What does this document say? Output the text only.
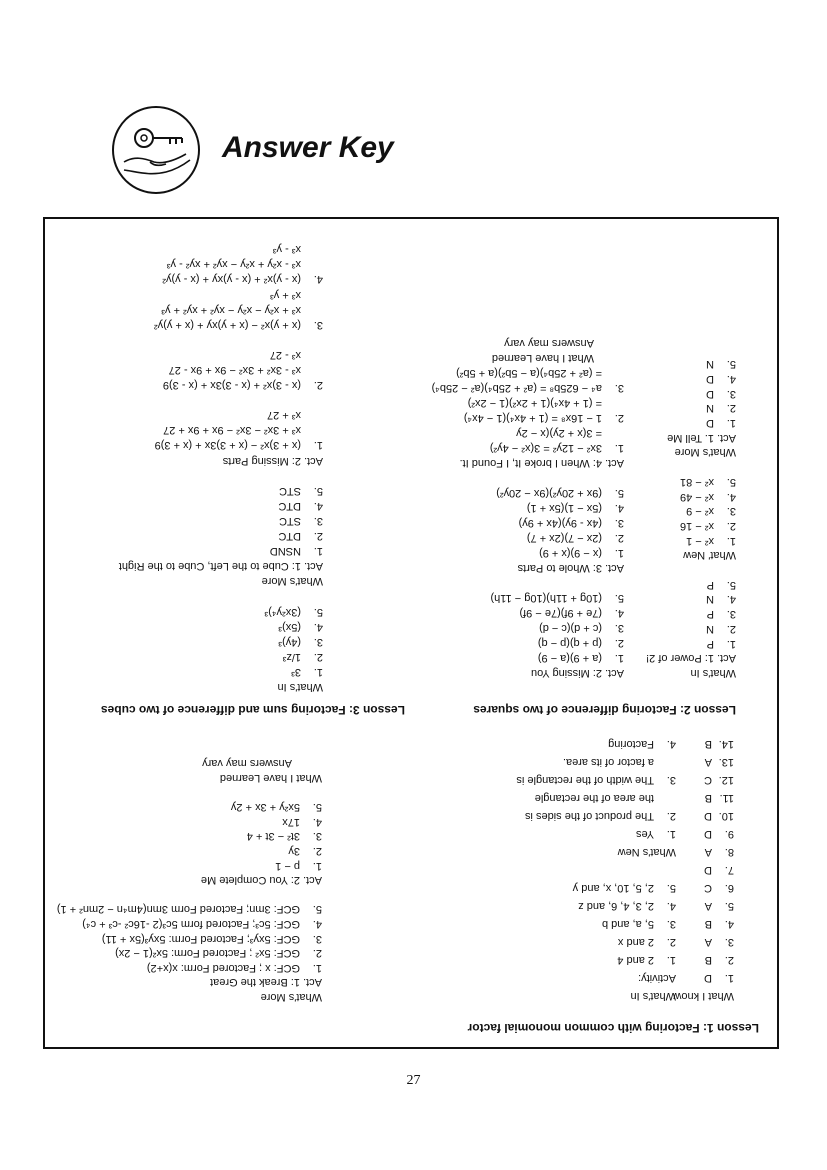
Answer Key
Lesson 1: Factoring with common monomial factor
What I know
1.
D
2.
B
3.
A
4.
B
5.
A
6.
C
7.
D
8.
A
9.
D
10.
D
11.
B
12.
C
13.
A
14.
B
What's In
Activity:
1.
2 and 4
2.
2 and x
3.
5, a, and b
4.
2, 3, 4, 6, and z
5.
2, 5, 10, x, and y

What's New
1.
Yes
2.
The product of the sides is
the area of the rectangle
3.
The width of the rectangle is
a factor of its area.
4.
Factoring
What's More
Act. 1: Break the Great
1.
GCF: x ; Factored Form: x(x+2)
2.
GCF: 5x² ; Factored Form: 5x²(1 − 2x)
3.
GCF: 5xy³; Factored Form: 5xy³(5x + 11)
4.
GCF: 5c³; Factored form 5c³(2 -16c² -c³ + c⁴)
5.
GCF: 3mn; Factored Form 3mn(4m⁴n − 2mn² + 1)

Act. 2: You Complete Me
1.
p − 1
2.
3y
3.
3t² − 3t + 4
4.
17x
5.
5x²y + 3x + 2y

What I have Learned
Answers may vary
Lesson 2: Factoring difference of two squares
What's In
Act. 1: Power of 2!
1.
P
2.
N
3.
P
4.
N
5.
P

What' New
1.
x² − 1
2.
x² − 16
3.
x² − 9
4.
x² − 49
5.
x² − 81

What's More
Act. 1. Tell Me
1.
D
2.
N
3.
D
4.
D
5.
N
Act. 2: Missing You
1.
(a + 9)(a − 9)
2.
(p + q)(p − q)
3.
(c + d)(c − d)
4.
(7e + 9f)(7e − 9f)
5.
(10g + 11h)(10g − 11h)

Act. 3: Whole to Parts
1.
(x − 9)(x + 9)
2.
(2x − 7)(2x + 7)
3.
(4x - 9y)(4x + 9y)
4.
(5x − 1)(5x + 1)
5.
(9x + 20y²)(9x − 20y²)

Act. 4: When I broke It, I Found It.
1.
3x² − 12y² = 3(x² − 4y²)
= 3(x + 2y)(x − 2y
2.
1 − 16x⁸ = (1 + 4x⁴)(1 − 4x⁴)
= (1 + 4x⁴)(1 + 2x²)(1 − 2x²)
3.
a⁴ − 625b⁸ = (a² + 25b⁴)(a² − 25b⁴)
= (a² + 25b⁴)(a − 5b²)(a + 5b²)
What I have Learned
Answers may vary
Lesson 3: Factoring sum and difference of two cubes
What's In
1.
3³
2.
1/z³
3.
(4y)³
4.
(5x)³
5.
(3x²y⁴)³

What's More
Act. 1: Cube to the Left, Cube to the Right
1.
NSND
2.
DTC
3.
STC
4.
DTC
5.
STC

Act. 2: Missing Parts
1.
(x + 3)x² − (x + 3)3x + (x + 3)9
x³ + 3x² − 3x² − 9x + 9x + 27
x³ + 27

2.
(x - 3)x² + (x - 3)3x + (x - 3)9
x³ - 3x² + 3x² − 9x + 9x - 27
x³ - 27

3.
(x + y)x² − (x + y)xy + (x + y)y²
x³ + x²y − x²y − xy² + xy² + y³
x³ + y³
4.
(x - y)x² + (x - y)xy + (x - y)y²
x³ - x²y + x²y − xy² + xy² - y³
x³ - y³
27
